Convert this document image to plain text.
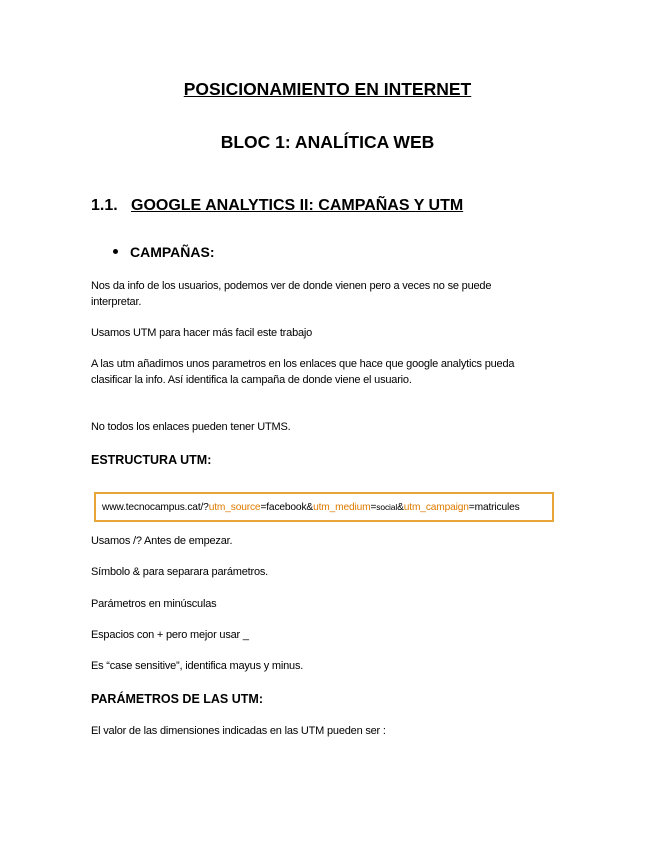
POSICIONAMIENTO EN INTERNET
BLOC 1: ANALÍTICA WEB
1.1. GOOGLE ANALYTICS II: CAMPAÑAS Y UTM
CAMPAÑAS:
Nos da info de los usuarios, podemos ver de donde vienen pero a veces no se puede
interpretar.
Usamos UTM para hacer más facil este trabajo
A las utm añadimos unos parametros en los enlaces que hace que google analytics pueda
clasificar la info. Así identifica la campaña de donde viene el usuario.
No todos los enlaces pueden tener UTMS.
ESTRUCTURA UTM:
www.tecnocampus.cat/?utm_source=facebook&utm_medium=social&utm_campaign=matricules
Usamos /? Antes de empezar.
Símbolo & para separara parámetros.
Parámetros en minúsculas
Espacios con + pero mejor usar _
Es “case sensitive”, identifica mayus y minus.
PARÁMETROS DE LAS UTM:
El valor de las dimensiones indicadas en las UTM pueden ser :
